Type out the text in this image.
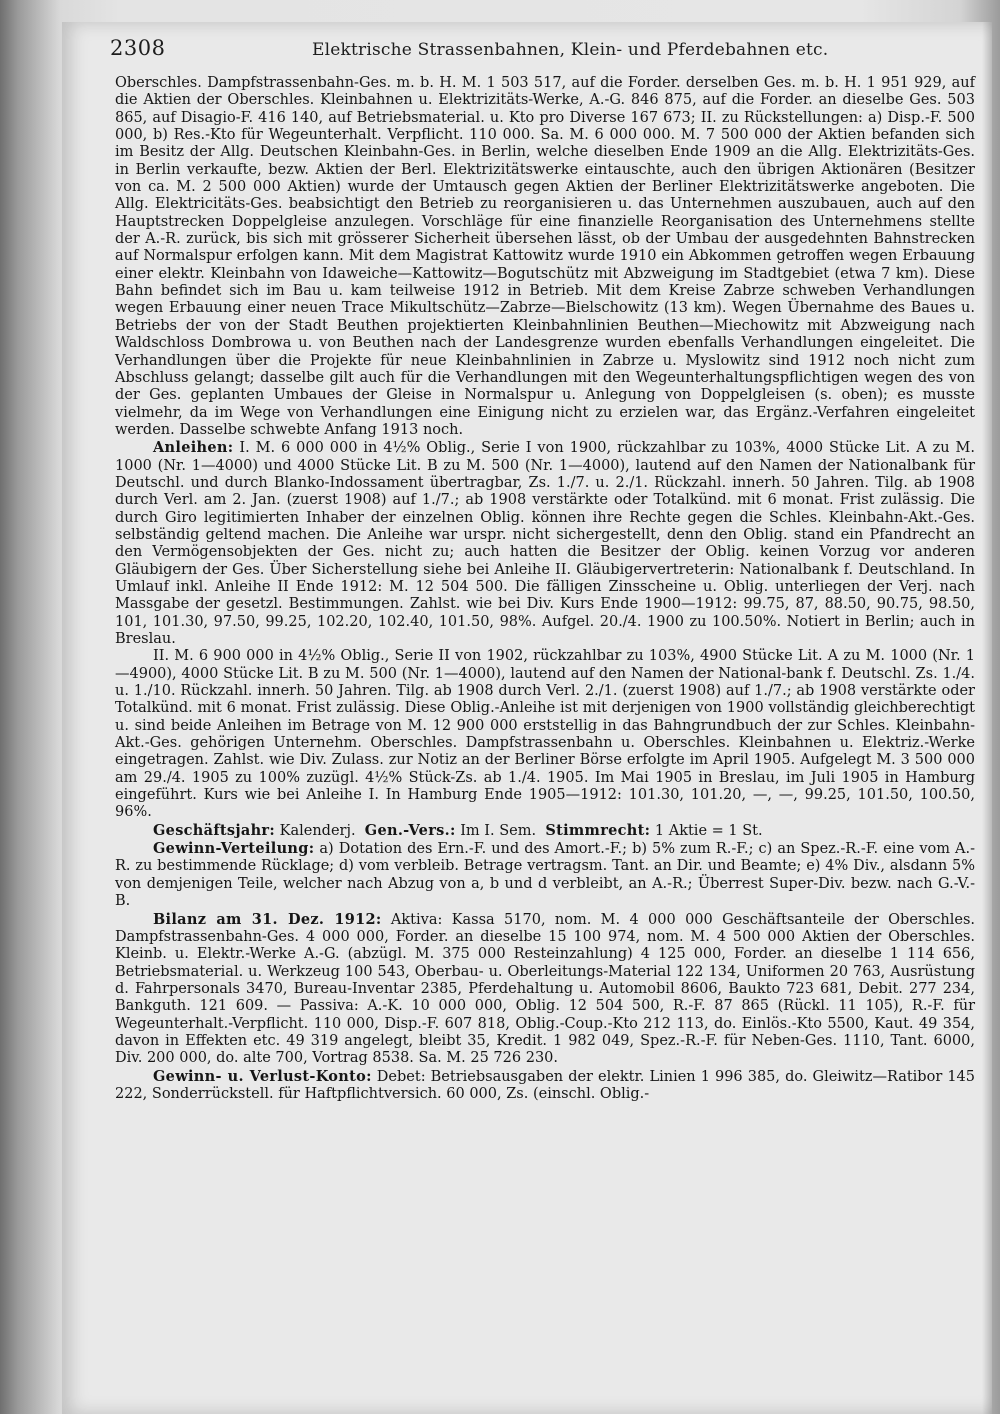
2308	Elektrische Strassenbahnen, Klein- und Pferdebahnen etc.

Oberschles. Dampfstrassenbahn-Ges. m. b. H. M. 1 503 517, auf die Forder. derselben Ges. m. b. H. 1 951 929, auf die Aktien der Oberschles. Kleinbahnen u. Elektrizitäts-Werke, A.-G. 846 875, auf die Forder. an dieselbe Ges. 503 865, auf Disagio-F. 416 140, auf Betriebsmaterial. u. Kto pro Diverse 167 673; II. zu Rückstellungen: a) Disp.-F. 500 000, b) Res.-Kto für Wegeunterhalt. Verpflicht. 110 000. Sa. M. 6 000 000. M. 7 500 000 der Aktien befanden sich im Besitz der Allg. Deutschen Kleinbahn-Ges. in Berlin, welche dieselben Ende 1909 an die Allg. Elektrizitäts-Ges. in Berlin verkaufte, bezw. Aktien der Berl. Elektrizitätswerke eintauschte, auch den übrigen Aktionären (Besitzer von ca. M. 2 500 000 Aktien) wurde der Umtausch gegen Aktien der Berliner Elektrizitätswerke angeboten. Die Allg. Elektricitäts-Ges. beabsichtigt den Betrieb zu reorganisieren u. das Unternehmen auszubauen, auch auf den Hauptstrecken Doppelgleise anzulegen. Vorschläge für eine finanzielle Reorganisation des Unternehmens stellte der A.-R. zurück, bis sich mit grösserer Sicherheit übersehen lässt, ob der Umbau der ausgedehnten Bahnstrecken auf Normalspur erfolgen kann. Mit dem Magistrat Kattowitz wurde 1910 ein Abkommen getroffen wegen Erbauung einer elektr. Kleinbahn von Idaweiche—Kattowitz—Bogutschütz mit Abzweigung im Stadtgebiet (etwa 7 km). Diese Bahn befindet sich im Bau u. kam teilweise 1912 in Betrieb. Mit dem Kreise Zabrze schweben Verhandlungen wegen Erbauung einer neuen Trace Mikultschütz—Zabrze—Bielschowitz (13 km). Wegen Übernahme des Baues u. Betriebs der von der Stadt Beuthen projektierten Kleinbahnlinien Beuthen—Miechowitz mit Abzweigung nach Waldschloss Dombrowa u. von Beuthen nach der Landesgrenze wurden ebenfalls Verhandlungen eingeleitet. Die Verhandlungen über die Projekte für neue Kleinbahnlinien in Zabrze u. Myslowitz sind 1912 noch nicht zum Abschluss gelangt; dasselbe gilt auch für die Verhandlungen mit den Wegeunterhaltungspflichtigen wegen des von der Ges. geplanten Umbaues der Gleise in Normalspur u. Anlegung von Doppelgleisen (s. oben); es musste vielmehr, da im Wege von Verhandlungen eine Einigung nicht zu erzielen war, das Ergänz.-Verfahren eingeleitet werden. Dasselbe schwebte Anfang 1913 noch.

Anleihen: I. M. 6 000 000 in 4½% Oblig., Serie I von 1900, rückzahlbar zu 103%, 4000 Stücke Lit. A zu M. 1000 (Nr. 1—4000) und 4000 Stücke Lit. B zu M. 500 (Nr. 1—4000), lautend auf den Namen der Nationalbank für Deutschl. und durch Blanko-Indossament übertragbar, Zs. 1./7. u. 2./1. Rückzahl. innerh. 50 Jahren. Tilg. ab 1908 durch Verl. am 2. Jan. (zuerst 1908) auf 1./7.; ab 1908 verstärkte oder Totalkünd. mit 6 monat. Frist zulässig. Die durch Giro legitimierten Inhaber der einzelnen Oblig. können ihre Rechte gegen die Schles. Kleinbahn-Akt.-Ges. selbständig geltend machen. Die Anleihe war urspr. nicht sichergestellt, denn den Oblig. stand ein Pfandrecht an den Vermögensobjekten der Ges. nicht zu; auch hatten die Besitzer der Oblig. keinen Vorzug vor anderen Gläubigern der Ges. Über Sicherstellung siehe bei Anleihe II. Gläubigervertreterin: Nationalbank f. Deutschland. In Umlauf inkl. Anleihe II Ende 1912: M. 12 504 500. Die fälligen Zinsscheine u. Oblig. unterliegen der Verj. nach Massgabe der gesetzl. Bestimmungen. Zahlst. wie bei Div. Kurs Ende 1900—1912: 99.75, 87, 88.50, 90.75, 98.50, 101, 101.30, 97.50, 99.25, 102.20, 102.40, 101.50, 98%. Aufgel. 20./4. 1900 zu 100.50%. Notiert in Berlin; auch in Breslau.

II. M. 6 900 000 in 4½% Oblig., Serie II von 1902, rückzahlbar zu 103%, 4900 Stücke Lit. A zu M. 1000 (Nr. 1—4900), 4000 Stücke Lit. B zu M. 500 (Nr. 1—4000), lautend auf den Namen der National-bank f. Deutschl. Zs. 1./4. u. 1./10. Rückzahl. innerh. 50 Jahren. Tilg. ab 1908 durch Verl. 2./1. (zuerst 1908) auf 1./7.; ab 1908 verstärkte oder Totalkünd. mit 6 monat. Frist zulässig. Diese Oblig.-Anleihe ist mit derjenigen von 1900 vollständig gleichberechtigt u. sind beide Anleihen im Betrage von M. 12 900 000 erststellig in das Bahngrundbuch der zur Schles. Kleinbahn-Akt.-Ges. gehörigen Unternehm. Oberschles. Dampfstrassenbahn u. Oberschles. Kleinbahnen u. Elektriz.-Werke eingetragen. Zahlst. wie Div. Zulass. zur Notiz an der Berliner Börse erfolgte im April 1905. Aufgelegt M. 3 500 000 am 29./4. 1905 zu 100% zuzügl. 4½% Stück-Zs. ab 1./4. 1905. Im Mai 1905 in Breslau, im Juli 1905 in Hamburg eingeführt. Kurs wie bei Anleihe I. In Hamburg Ende 1905—1912: 101.30, 101.20, —, —, 99.25, 101.50, 100.50, 96%.

Geschäftsjahr: Kalenderj. Gen.-Vers.: Im I. Sem. Stimmrecht: 1 Aktie = 1 St.

Gewinn-Verteilung: a) Dotation des Ern.-F. und des Amort.-F.; b) 5% zum R.-F.; c) an Spez.-R.-F. eine vom A.-R. zu bestimmende Rücklage; d) vom verbleib. Betrage vertragsm. Tant. an Dir. und Beamte; e) 4% Div., alsdann 5% von demjenigen Teile, welcher nach Abzug von a, b und d verbleibt, an A.-R.; Überrest Super-Div. bezw. nach G.-V.-B.

Bilanz am 31. Dez. 1912: Aktiva: Kassa 5170, nom. M. 4 000 000 Geschäftsanteile der Oberschles. Dampfstrassenbahn-Ges. 4 000 000, Forder. an dieselbe 15 100 974, nom. M. 4 500 000 Aktien der Oberschles. Kleinb. u. Elektr.-Werke A.-G. (abzügl. M. 375 000 Resteinzahlung) 4 125 000, Forder. an dieselbe 1 114 656, Betriebsmaterial. u. Werkzeug 100 543, Oberbau- u. Oberleitungs-Material 122 134, Uniformen 20 763, Ausrüstung d. Fahrpersonals 3470, Bureau-Inventar 2385, Pferdehaltung u. Automobil 8606, Baukto 723 681, Debit. 277 234, Bankguth. 121 609. — Passiva: A.-K. 10 000 000, Oblig. 12 504 500, R.-F. 87 865 (Rückl. 11 105), R.-F. für Wegeunterhalt.-Verpflicht. 110 000, Disp.-F. 607 818, Oblig.-Coup.-Kto 212 113, do. Einlös.-Kto 5500, Kaut. 49 354, davon in Effekten etc. 49 319 angelegt, bleibt 35, Kredit. 1 982 049, Spez.-R.-F. für Neben-Ges. 1110, Tant. 6000, Div. 200 000, do. alte 700, Vortrag 8538. Sa. M. 25 726 230.

Gewinn- u. Verlust-Konto: Debet: Betriebsausgaben der elektr. Linien 1 996 385, do. Gleiwitz—Ratibor 145 222, Sonderrückstell. für Haftpflichtversich. 60 000, Zs. (einschl. Oblig.-
